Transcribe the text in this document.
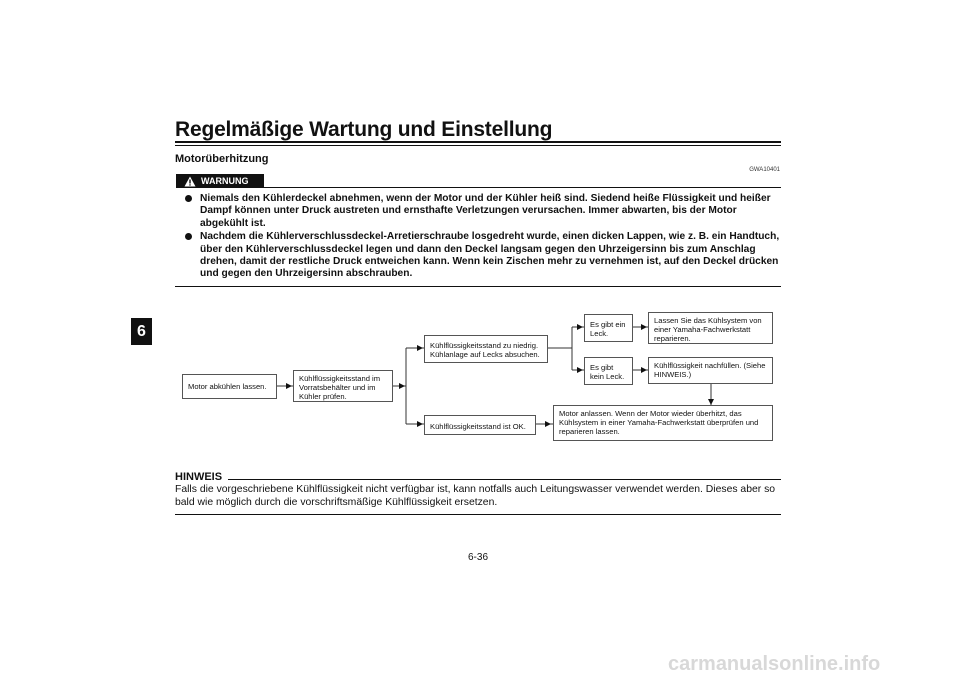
Regelmäßige Wartung und Einstellung
6
Motorüberhitzung
GWA10401
WARNUNG
Niemals den Kühlerdeckel abnehmen, wenn der Motor und der Kühler heiß sind. Siedend heiße Flüssigkeit und heißer Dampf können unter Druck austreten und ernsthafte Verletzungen verursachen. Immer abwarten, bis der Motor abgekühlt ist.
Nachdem die Kühlerverschlussdeckel-Arretierschraube losgedreht wurde, einen dicken Lappen, wie z. B. ein Handtuch, über den Kühlerverschlussdeckel legen und dann den Deckel langsam gegen den Uhrzeigersinn bis zum Anschlag drehen, damit der restliche Druck entweichen kann. Wenn kein Zischen mehr zu vernehmen ist, auf den Deckel drücken und gegen den Uhrzeigersinn abschrauben.
Motor abkühlen lassen.
Kühlflüssigkeitsstand im Vorratsbehälter und im Kühler prüfen.
Kühlflüssigkeitsstand zu niedrig. Kühlanlage auf Lecks absuchen.
Kühlflüssigkeitsstand ist OK.
Es gibt ein Leck.
Es gibt kein Leck.
Lassen Sie das Kühlsystem von einer Yamaha-Fachwerkstatt reparieren.
Kühlflüssigkeit nachfüllen. (Siehe HINWEIS.)
Motor anlassen. Wenn der Motor wieder überhitzt, das Kühlsystem in einer Yamaha-Fachwerkstatt überprüfen und reparieren lassen.
HINWEIS
Falls die vorgeschriebene Kühlflüssigkeit nicht verfügbar ist, kann notfalls auch Leitungswasser verwendet werden. Dieses aber so bald wie möglich durch die vorschriftsmäßige Kühlflüssigkeit ersetzen.
6-36
carmanualsonline.info
